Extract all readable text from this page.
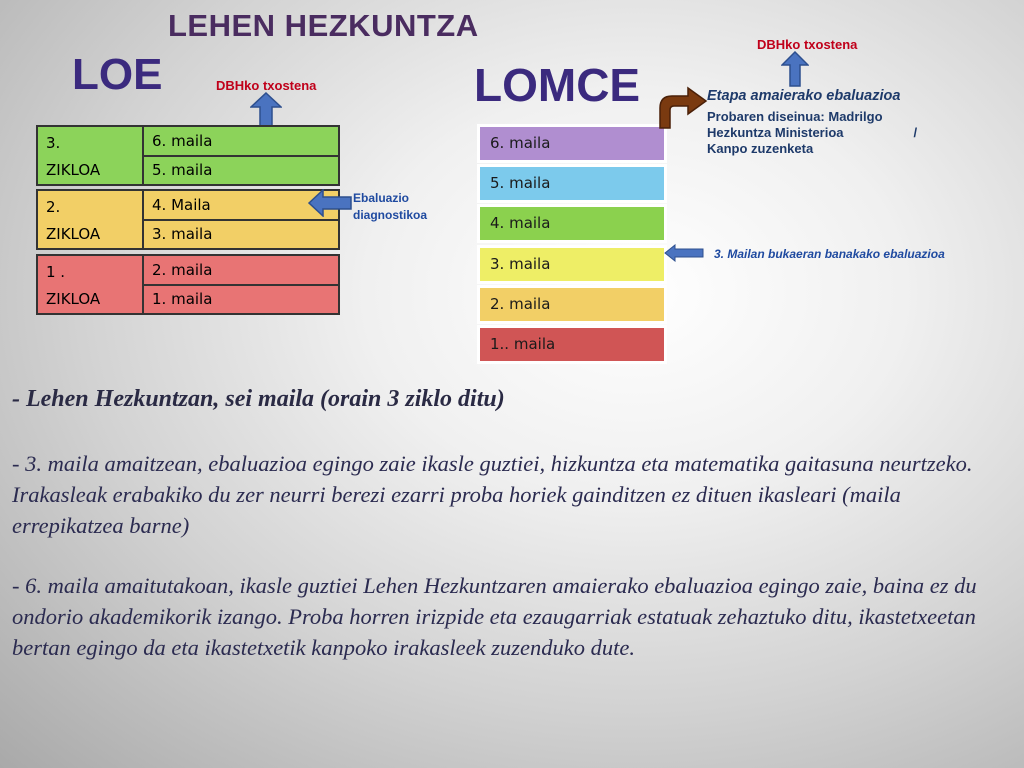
LEHEN HEZKUNTZA
LOE	LOMCE
DBHko txostena
3.
ZIKLOA	6. maila
5. maila
2.
ZIKLOA	4. Maila
3. maila
1 .
ZIKLOA	2. maila
1. maila
Ebaluazio
diagnostikoa
6. maila
5. maila
4. maila
3. maila
2. maila
1.. maila
DBHko txostena
Etapa amaierako ebaluazioa
Probaren diseinua: Madrilgo
Hezkuntza Ministerioa	/
Kanpo zuzenketa
3. Mailan bukaeran banakako ebaluazioa
- Lehen Hezkuntzan, sei maila (orain 3 ziklo ditu)
- 3. maila amaitzean, ebaluazioa egingo zaie ikasle guztiei, hizkuntza eta matematika gaitasuna neurtzeko. Irakasleak erabakiko du zer neurri berezi ezarri proba horiek gainditzen ez dituen ikasleari (maila errepikatzea barne)
- 6. maila amaitutakoan, ikasle guztiei Lehen Hezkuntzaren amaierako ebaluazioa egingo zaie, baina ez du ondorio akademikorik izango. Proba horren irizpide eta ezaugarriak estatuak zehaztuko ditu, ikastetxeetan bertan egingo da eta ikastetxetik kanpoko irakasleek zuzenduko dute.
